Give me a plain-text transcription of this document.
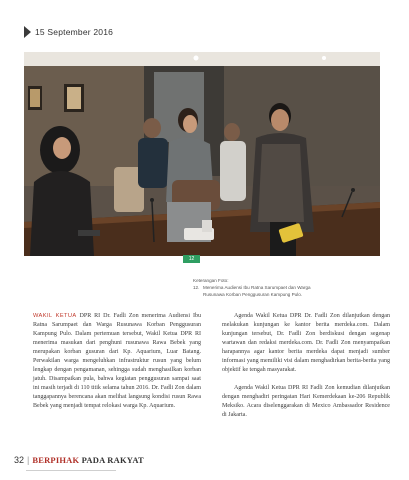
15 September 2016
12
Keterangan Foto:
12. Menerima Audiensi Ibu Ratna Sarumpaet dan Warga
Rusunawa Korban Penggusuran Kampung Pulo.

WAKIL KETUA DPR RI Dr. Fadli Zon menerima Audiensi Ibu Ratna Sarumpaet dan Warga Rusunawa Korban Penggusuran Kampung Pulo. Dalam pertemuan tersebut, Wakil Ketua DPR RI menerima masukan dari penghuni rusunawa Rawa Bebek yang merupakan korban gusuran dari Kp. Aquarium, Luar Batang. Perwakilan warga mengeluhkan infrastruktur rusun yang belum lengkap dengan pengamanan, sehingga sudah menghasilkan korban jatuh. Disampaikan pula, bahwa kegiatan penggusuran sampai saat ini masih terjadi di 110 titik selama tahun 2016. Dr. Fadli Zon dalam tanggapannya berencana akan melihat langsung kondisi rusun Rawa Bebek yang menjadi tempat relokasi warga Kp. Aquarium.

Agenda Wakil Ketua DPR Dr. Fadli Zon dilanjutkan dengan melakukan kunjungan ke kantor berita merdeka.com. Dalam kunjungan tersebut, Dr. Fadli Zon berdiskusi dengan segenap wartawan dan redaksi merdeka.com. Dr. Fadli Zon menyampaikan harapannya agar kantor berita merdeka dapat menjadi sumber informasi yang memiliki visi dalam menghadirkan berita-berita yang objektif ke tengah masyarakat.

Agenda Wakil Ketua DPR RI Fadli Zon kemudian dilanjutkan dengan menghadiri peringatan Hari Kemerdekaan ke-206 Republik Meksiko. Acara diselenggarakan di Mexico Ambassador Residence di Jakarta.

32 | BERPIHAK PADA RAKYAT
